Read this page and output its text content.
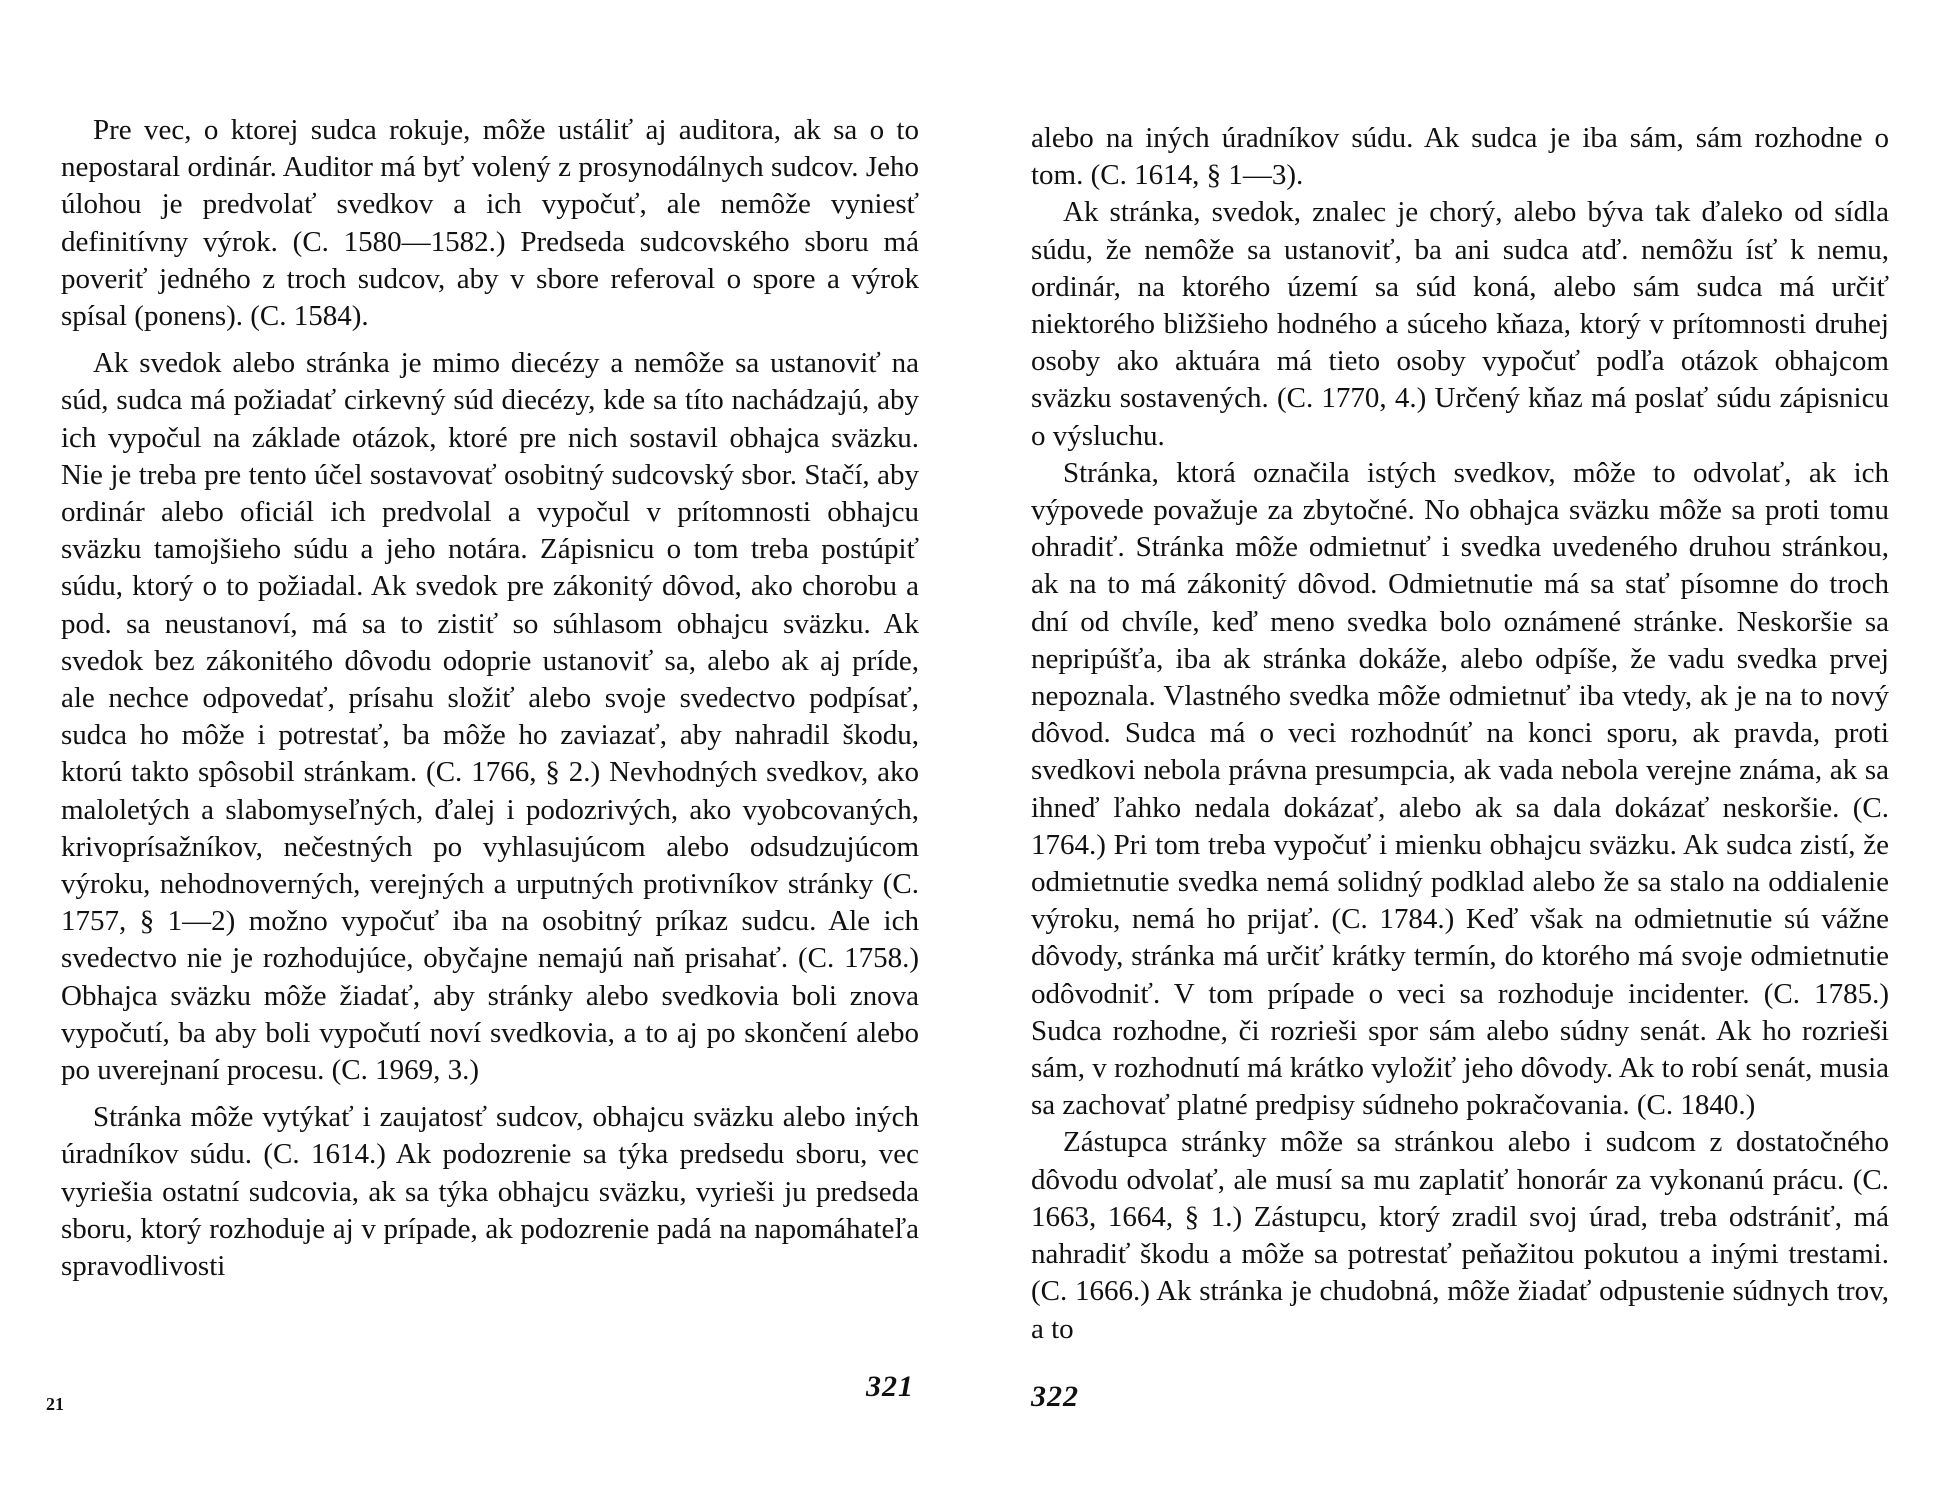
Pre vec, o ktorej sudca rokuje, môže ustáliť aj auditora, ak sa o to nepostaral ordinár. Auditor má byť volený z prosynodálnych sudcov. Jeho úlohou je predvolať svedkov a ich vypočuť, ale nemôže vyniesť definitívny výrok. (C. 1580—1582.) Predseda sudcovského sboru má poveriť jedného z troch sudcov, aby v sbore referoval o spore a výrok spísal (ponens). (C. 1584).

Ak svedok alebo stránka je mimo diecézy a nemôže sa ustanoviť na súd, sudca má požiadať cirkevný súd diecézy, kde sa títo nachádzajú, aby ich vypočul na základe otázok, ktoré pre nich sostavil obhajca sväzku. Nie je treba pre tento účel sostavovať osobitný sudcovský sbor. Stačí, aby ordinár alebo oficiál ich predvolal a vypočul v prítomnosti obhajcu sväzku tamojšieho súdu a jeho notára. Zápisnicu o tom treba postúpiť súdu, ktorý o to požiadal. Ak svedok pre zákonitý dôvod, ako chorobu a pod. sa neustanoví, má sa to zistiť so súhlasom obhajcu sväzku. Ak svedok bez zákonitého dôvodu odoprie ustanoviť sa, alebo ak aj príde, ale nechce odpovedať, prísahu složiť alebo svoje svedectvo podpísať, sudca ho môže i potrestať, ba môže ho zaviazať, aby nahradil škodu, ktorú takto spôsobil stránkam. (C. 1766, § 2.) Nevhodných svedkov, ako maloletých a slabomyseľných, ďalej i podozrivých, ako vyobcovaných, krivoprísažníkov, nečestných po vyhlasujúcom alebo odsudzujúcom výroku, nehodnoverných, verejných a urputných protivníkov stránky (C. 1757, § 1—2) možno vypočuť iba na osobitný príkaz sudcu. Ale ich svedectvo nie je rozhodujúce, obyčajne nemajú naň prisahať. (C. 1758.) Obhajca sväzku môže žiadať, aby stránky alebo svedkovia boli znova vypočutí, ba aby boli vypočutí noví svedkovia, a to aj po skončení alebo po uverejnaní procesu. (C. 1969, 3.)

Stránka môže vytýkať i zaujatosť sudcov, obhajcu sväzku alebo iných úradníkov súdu. (C. 1614.) Ak podozrenie sa týka predsedu sboru, vec vyriešia ostatní sudcovia, ak sa týka obhajcu sväzku, vyrieši ju predseda sboru, ktorý rozhoduje aj v prípade, ak podozrenie padá na napomáhateľa spravodlivosti

21
321

alebo na iných úradníkov súdu. Ak sudca je iba sám, sám rozhodne o tom. (C. 1614, § 1—3).

Ak stránka, svedok, znalec je chorý, alebo býva tak ďaleko od sídla súdu, že nemôže sa ustanoviť, ba ani sudca atď. nemôžu ísť k nemu, ordinár, na ktorého území sa súd koná, alebo sám sudca má určiť niektorého bližšieho hodného a súceho kňaza, ktorý v prítomnosti druhej osoby ako aktuára má tieto osoby vypočuť podľa otázok obhajcom sväzku sostavených. (C. 1770, 4.) Určený kňaz má poslať súdu zápisnicu o výsluchu.

Stránka, ktorá označila istých svedkov, môže to odvolať, ak ich výpovede považuje za zbytočné. No obhajca sväzku môže sa proti tomu ohradiť. Stránka môže odmietnuť i svedka uvedeného druhou stránkou, ak na to má zákonitý dôvod. Odmietnutie má sa stať písomne do troch dní od chvíle, keď meno svedka bolo oznámené stránke. Neskoršie sa nepripúšťa, iba ak stránka dokáže, alebo odpíše, že vadu svedka prvej nepoznala. Vlastného svedka môže odmietnuť iba vtedy, ak je na to nový dôvod. Sudca má o veci rozhodnúť na konci sporu, ak pravda, proti svedkovi nebola právna presumpcia, ak vada nebola verejne známa, ak sa ihneď ľahko nedala dokázať, alebo ak sa dala dokázať neskoršie. (C. 1764.) Pri tom treba vypočuť i mienku obhajcu sväzku. Ak sudca zistí, že odmietnutie svedka nemá solidný podklad alebo že sa stalo na oddialenie výroku, nemá ho prijať. (C. 1784.) Keď však na odmietnutie sú vážne dôvody, stránka má určiť krátky termín, do ktorého má svoje odmietnutie odôvodniť. V tom prípade o veci sa rozhoduje incidenter. (C. 1785.) Sudca rozhodne, či rozrieši spor sám alebo súdny senát. Ak ho rozrieši sám, v rozhodnutí má krátko vyložiť jeho dôvody. Ak to robí senát, musia sa zachovať platné predpisy súdneho pokračovania. (C. 1840.)

Zástupca stránky môže sa stránkou alebo i sudcom z dostatočného dôvodu odvolať, ale musí sa mu zaplatiť honorár za vykonanú prácu. (C. 1663, 1664, § 1.) Zástupcu, ktorý zradil svoj úrad, treba odstrániť, má nahradiť škodu a môže sa potrestať peňažitou pokutou a inými trestami. (C. 1666.) Ak stránka je chudobná, môže žiadať odpustenie súdnych trov, a to

322
